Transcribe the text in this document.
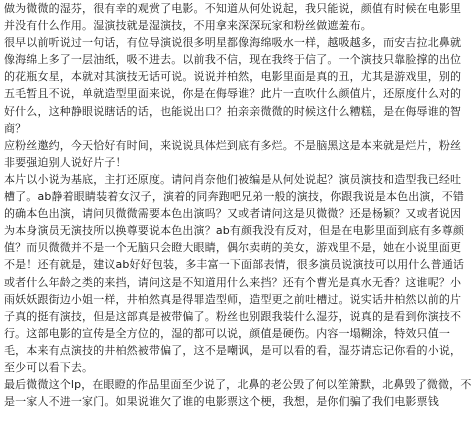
做为微微的湿芬，很有幸的观赏了电影。不知道从何处说起，我只能说，颜值有时候在电影里并没有什么作用。湿演技就是湿演技，不用拿来深深玩家和粉丝做遮羞布。

很早以前听说过一句话，有位导演说很多明星都像海绵吸水一样，越吸越多，而安吉拉北鼻就像海绵上多了一层油纸，吸不进去。以前我不信，现在我终于信了。一个演技只靠脸撑的出位的花瓶女星，本就对其演技无话可说。说说并柏然，电影里面是真的丑，尤其是游戏里，别的五毛暂且不说，单就造型里面来说，你是在侮辱谁？此片一直吹什么颜值片，还原度什么对的好什么，这种静眼说瞎话的话，也能说出口？拍亲亲微微的时候这什么糟糕，是在侮辱谁的智商？

应粉丝邀约，今天恰好有时间，来说说具体烂到底有多烂。不是脑黑这是本来就是烂片，粉丝非要强迫别人说好片子！

本片以小说为基底，主打还原度。请问肖奈他们被编是从何处说起？演员演技和造型我已经吐槽了。ab静着眼睛装着女汉子，演着的同奔跑吧兄弟一般的演技，你跟我说是本色出演，不错的确本色出演，请问贝微微需要本色出演吗？又或者请问这是贝微微？还是杨颖？又或者说因为本身演员无演技所以换尊要说本色出演？ab有颜我没有反对，但是在电影里面到底有多尊颜值？而贝微微并不是一个无脑只会瞪大眼睛，偶尔卖萌的美女，游戏里不是，她在小说里面更不是！还有就是，建议ab好好包装，多丰富一下面部表情，很多演员说演技可以用什么普通话或者什么年龄之类的来挡，请问这是不知道用什么来挡？还有个曹光是真水无香？这谁呢？小雨妖妖跟街边小姐一样，井柏然真是得罪造型师，造型更之前吐槽过。说实话井柏然以前的片子真的挺有演技，但是这部真是被带偏了。粉丝也别跟我装什么湿芬，说真的是看到你演技不行。这部电影的宣传是全方位的，湿的都可以说，颜值是硬伤。内容一塌糊涂，特效只值一毛，本来有点演技的井柏然被带偏了，这不是嘲讽，是可以看的看，湿芬请忘记你看的小说，至少可以看下去。

最后微微这个lp，在眼瞪的作品里面至少说了，北鼻的老公毁了何以笙箫默，北鼻毁了微微，不是一家人不进一家门。如果说谁欠了谁的电影票这个梗，我想，是你们骗了我们电影票钱
